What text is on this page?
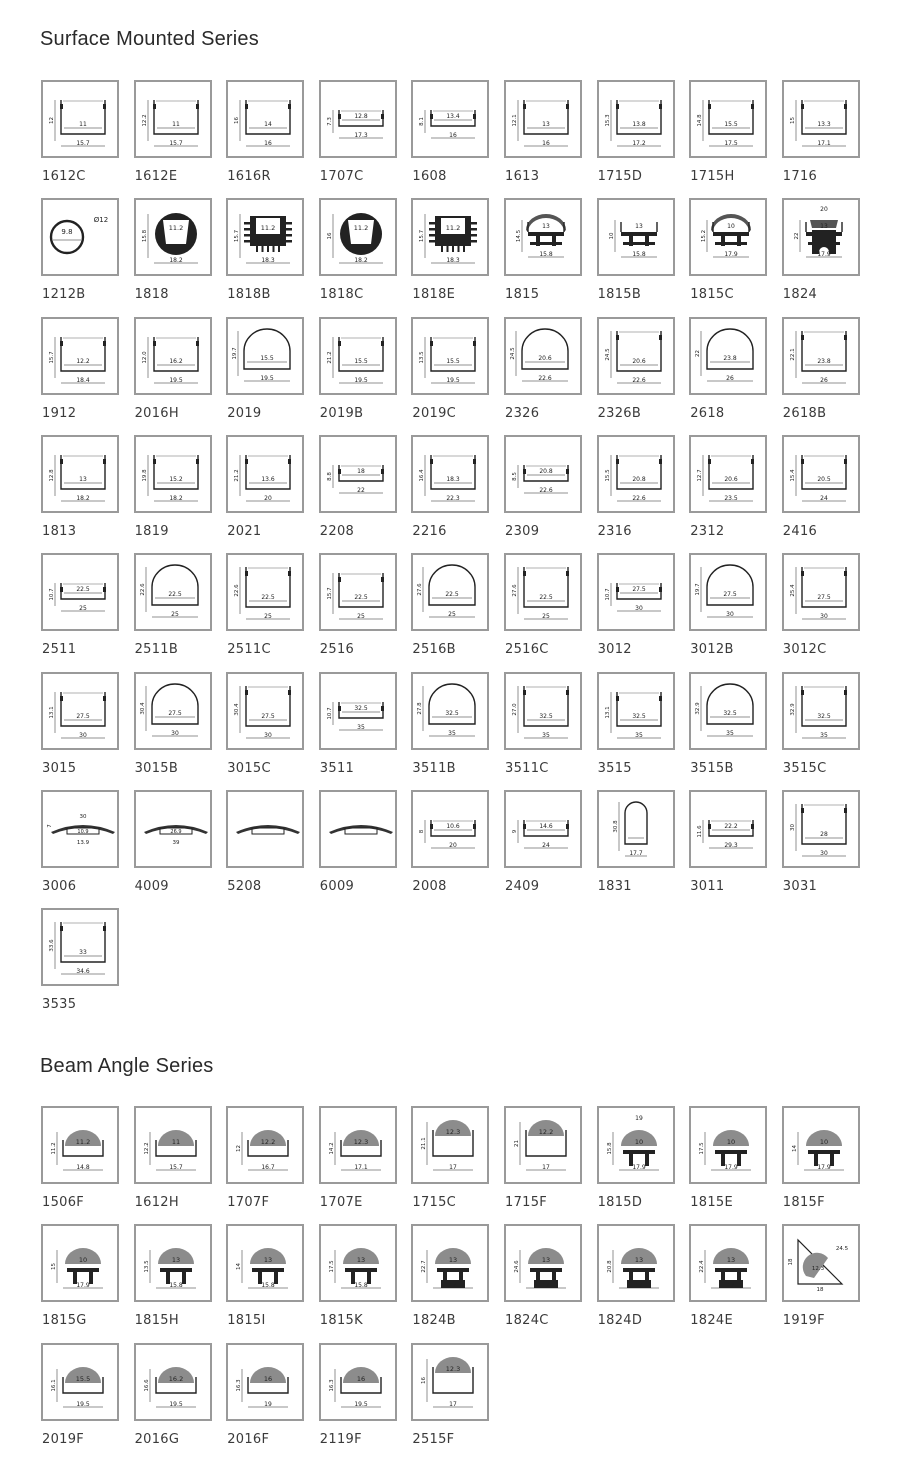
Surface Mounted Series
11
15.7
12
1612C
11
15.7
12.2
1612E
14
16
16
1616R
12.8
17.3
7.3
1707C
13.4
16
8.1
1608
13
16
12.1
1613
13.8
17.2
15.3
1715D
15.5
17.5
14.8
1715H
13.3
17.1
15
1716
9.8
Ø12
1212B
11.2
18.2
15.8
1818
11.2
18.3
15.7
1818B
11.2
18.2
16
1818C
11.2
18.3
15.7
1818E
13
15.8
14.5
1815
13
15.8
10
1815B
10
17.9
15.2
1815C
13
17.9
22
20
1824
12.2
18.4
15.7
1912
16.2
19.5
12.0
2016H
15.5
19.5
19.7
2019
15.5
19.5
21.2
2019B
15.5
19.5
13.5
2019C
20.6
22.6
24.5
2326
20.6
22.6
24.5
2326B
23.8
26
22
2618
23.8
26
22.1
2618B
13
18.2
12.8
1813
15.2
18.2
19.8
1819
13.6
20
21.2
2021
18
22
8.8
2208
18.3
22.3
16.4
2216
20.8
22.6
8.5
2309
20.8
22.6
15.5
2316
20.6
23.5
12.7
2312
20.5
24
15.4
2416
22.5
25
10.7
2511
22.5
25
22.6
2511B
22.5
25
22.6
2511C
22.5
25
15.7
2516
22.5
25
27.6
2516B
22.5
25
27.6
2516C
27.5
30
10.7
3012
27.5
30
19.7
3012B
27.5
30
25.4
3012C
27.5
30
13.1
3015
27.5
30
30.4
3015B
27.5
30
30.4
3015C
32.5
35
10.7
3511
32.5
35
27.8
3511B
32.5
35
27.0
3511C
32.5
35
13.1
3515
32.5
35
32.9
3515B
32.5
35
32.9
3515C
10.9
13.9
30
7
3006
26.9
39
4009	5208	6009
10.6
20
8
2008
14.6
24
9
2409
17.7
30.8
1831
22.2
29.3
11.6
3011
28
30
30
3031
33
34.6
33.6
3535
Beam Angle Series
11.2
14.8
11.2
1506F
11
15.7
12.2
1612H
12.2
16.7
12
1707F
12.3
17.1
14.2
1707E
12.3
17
21.1
1715C
12.2
17
21
1715F
10
17.9
15.8
19
1815D
10
17.9
17.5
1815E
10
17.9
14
1815F
10
17.9
15
1815G
13
15.8
13.5
1815H
13
15.8
14
1815I
13
15.8
17.5
1815K
13
18
22.7
1824B
13
18
24.6
1824C
13
18
20.8
1824D
13
18
22.4
1824E
12.3
18
18
24.5
1919F
15.5
19.5
16.1
2019F
16.2
19.5
16.6
2016G
16
19
16.3
2016F
16
19.5
16.3
2119F
12.3
17
16
2515F
